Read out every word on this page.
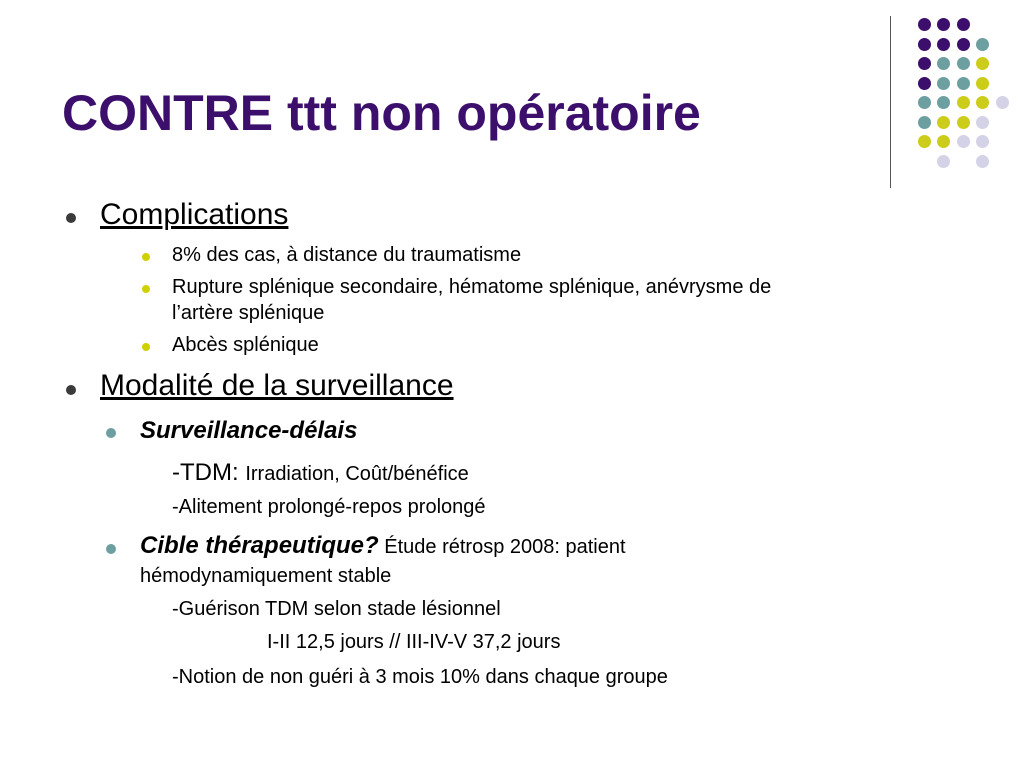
CONTRE ttt non opératoire
Complications
8% des cas, à distance du traumatisme
Rupture splénique secondaire, hématome splénique, anévrysme de
l’artère splénique
Abcès splénique
Modalité de la surveillance
Surveillance-délais
-TDM: Irradiation, Coût/bénéfice
-Alitement prolongé-repos prolongé
Cible thérapeutique? Étude rétrosp 2008: patient
hémodynamiquement stable
-Guérison TDM selon stade lésionnel
I-II 12,5 jours // III-IV-V 37,2 jours
-Notion de non guéri à 3 mois 10% dans chaque groupe
